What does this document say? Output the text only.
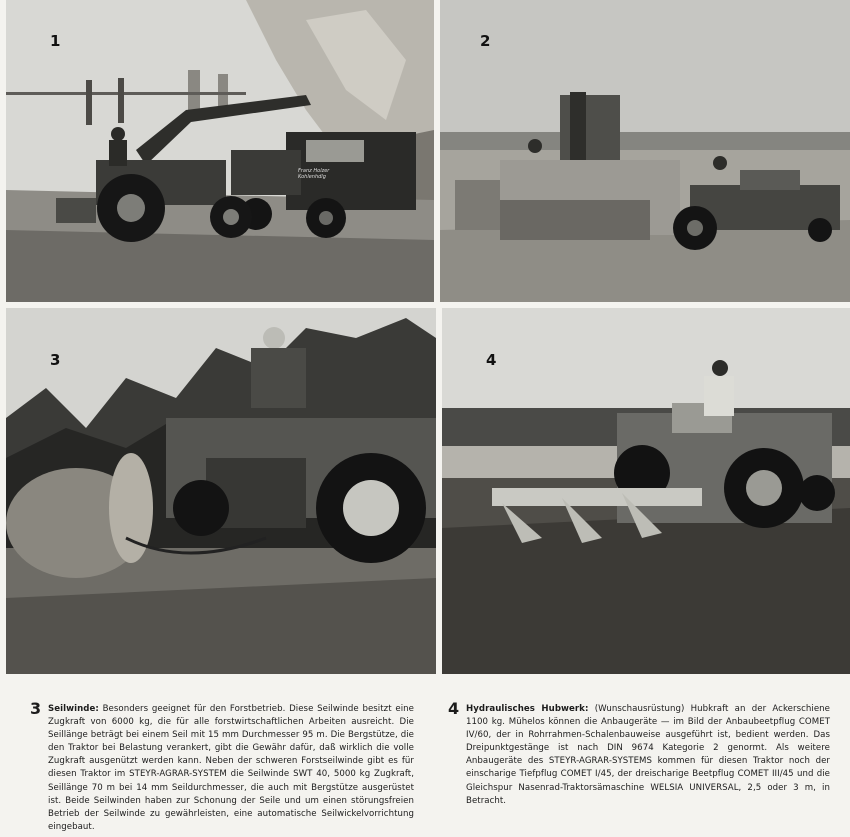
1
Franz Holzer Kohlenhdlg
2
3	4
3 Seilwinde: Besonders geeignet für den Forstbetrieb. Diese Seilwinde besitzt eine Zugkraft von 6000 kg, die für alle forstwirtschaftlichen Arbeiten ausreicht. Die Seillänge beträgt bei einem Seil mit 15 mm Durchmesser 95 m. Die Bergstütze, die den Traktor bei Belastung verankert, gibt die Gewähr dafür, daß wirklich die volle Zugkraft ausgenützt werden kann. Neben der schweren Forstseilwinde gibt es für diesen Traktor im STEYR-AGRAR-SYSTEM die Seilwinde SWT 40, 5000 kg Zugkraft, Seillänge 70 m bei 14 mm Seildurchmesser, die auch mit Bergstütze ausgerüstet ist. Beide Seilwinden haben zur Schonung der Seile und um einen störungsfreien Betrieb der Seilwinde zu gewährleisten, eine automatische Seilwickelvorrichtung eingebaut.
4 Hydraulisches Hubwerk: (Wunschausrüstung) Hubkraft an der Ackerschiene 1100 kg. Mühelos können die Anbaugeräte — im Bild der Anbaubeetpflug COMET IV/60, der in Rohrrahmen-Schalenbauweise ausgeführt ist, bedient werden. Das Dreipunktgestänge ist nach DIN 9674 Kategorie 2 genormt. Als weitere Anbaugeräte des STEYR-AGRAR-SYSTEMS kommen für diesen Traktor noch der einscharige Tiefpflug COMET I/45, der dreischarige Beetpflug COMET III/45 und die Gleichspur Nasenrad-Traktorsämaschine WELSIA UNIVERSAL, 2,5 oder 3 m, in Betracht.
